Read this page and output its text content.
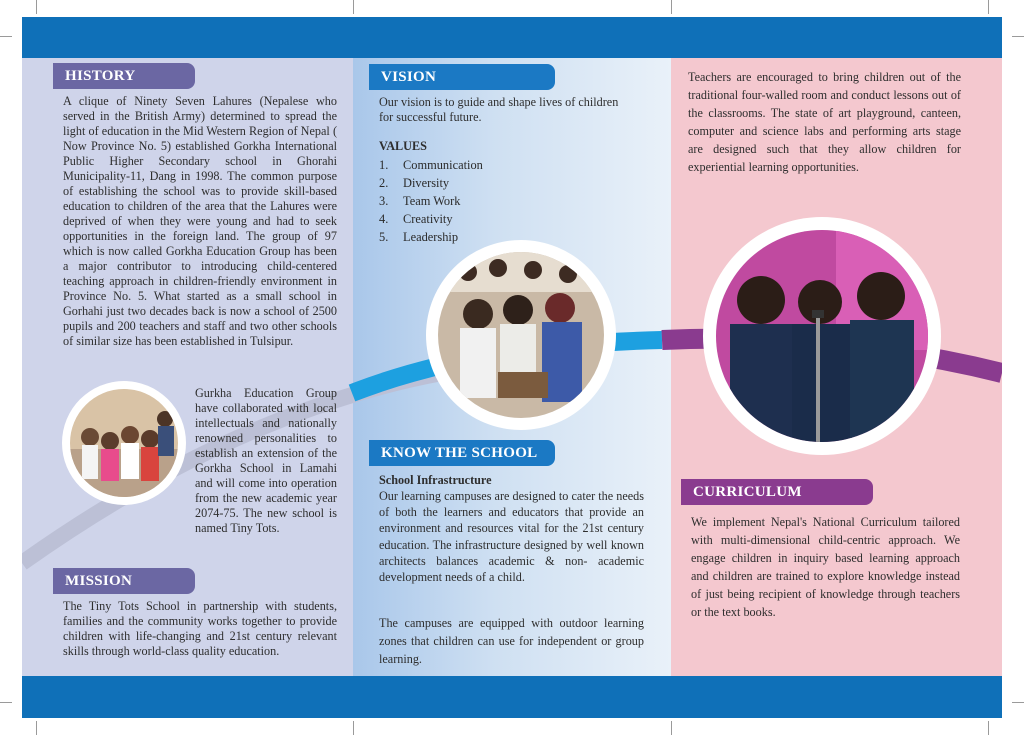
HISTORY
A clique of Ninety Seven Lahures (Nepalese who served in the British Army) determined to spread the light of education in the Mid Western Region of Nepal ( Now Province No. 5) established Gorkha International Public Higher Secondary school in Ghorahi Municipality-11, Dang in 1998. The common purpose of establishing the school was to provide skill-based education to children of the area that the Lahures were deprived of when they were young and had to seek opportunities in the foreign land. The group of 97 which is now called Gorkha Education Group has been a major contributor to introducing child-centered teaching approach in children-friendly environment in Province No. 5. What started as a small school in Gorhahi just two decades back is now a school of 2500 pupils and 200 teachers and staff and two other schools of similar size has been established in Tulsipur.
Gurkha Education Group have collaborated with local intellectuals and nationally renowned personalities to establish an extension of the Gorkha School in Lamahi and will come into operation from the new academic year 2074-75. The new school is named Tiny Tots.
MISSION
The Tiny Tots School in partnership with students, families and the community works together to provide children with life-changing and 21st century relevant skills through world-class quality education.
VISION
Our vision is to guide and shape lives of children for successful future.
VALUES
1. Communication
2. Diversity
3. Team Work
4. Creativity
5. Leadership
KNOW THE SCHOOL
School Infrastructure
Our learning campuses are designed to cater the needs of both the learners and educators that provide an environment and resources vital for the 21st century education. The infrastructure designed by well known architects balances academic & non- academic development needs of a child.
The campuses are equipped with outdoor learning zones that children can use for independent or group learning.
Teachers are encouraged to bring children out of the traditional four-walled room and conduct lessons out of the classrooms. The state of art playground, canteen, computer and science labs and performing arts stage are designed such that they allow children for experiential learning opportunities.
CURRICULUM
We implement Nepal's National Curriculum tailored with multi-dimensional child-centric approach. We engage children in inquiry based learning approach and children are trained to explore knowledge instead of just being recipient of knowledge through teachers or the text books.
